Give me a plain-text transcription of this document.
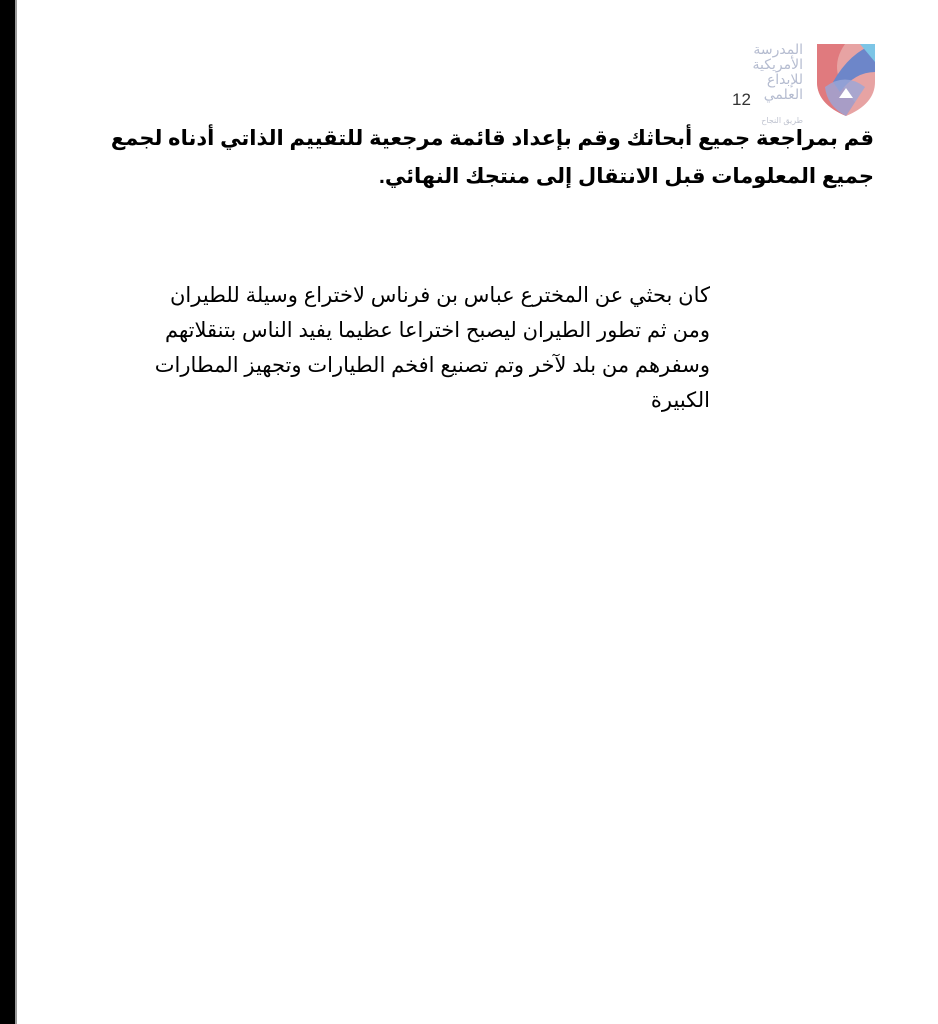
المدرسة الأمريكية للإبداع العلمي
طريق النجاح
12
قم بمراجعة جميع أبحاثك وقم بإعداد قائمة مرجعية للتقييم الذاتي أدناه لجمع جميع المعلومات قبل الانتقال إلى منتجك النهائي.
كان بحثي عن المخترع عباس بن فرناس لاختراع وسيلة للطيران
ومن ثم تطور الطيران ليصبح اختراعا عظيما يفيد الناس بتنقلاتهم
وسفرهم من بلد لآخر وتم تصنيع افخم الطيارات وتجهيز المطارات
الكبيرة
